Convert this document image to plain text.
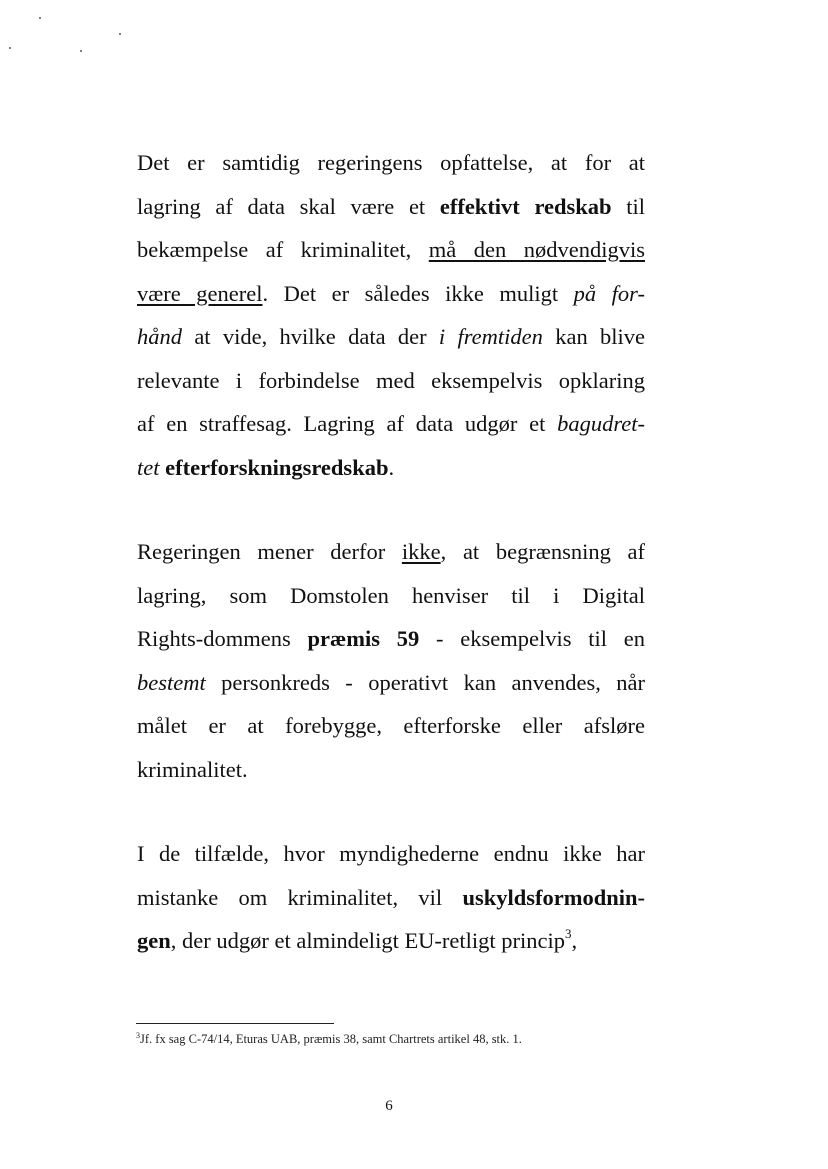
Det er samtidig regeringens opfattelse, at for at
lagring af data skal være et effektivt redskab til
bekæmpelse af kriminalitet, må den nødvendigvis
være generel. Det er således ikke muligt på for-
hånd at vide, hvilke data der i fremtiden kan blive
relevante i forbindelse med eksempelvis opklaring
af en straffesag. Lagring af data udgør et bagudret-
tet efterforskningsredskab.
Regeringen mener derfor ikke, at begrænsning af
lagring, som Domstolen henviser til i Digital
Rights-dommens præmis 59 - eksempelvis til en
bestemt personkreds - operativt kan anvendes, når
målet er at forebygge, efterforske eller afsløre
kriminalitet.
I de tilfælde, hvor myndighederne endnu ikke har
mistanke om kriminalitet, vil uskyldsformodnin-
gen, der udgør et almindeligt EU-retligt princip$^3$,
$^3$Jf. fx sag C-74/14, Eturas UAB, præmis 38, samt Chartrets artikel 48, stk. 1.
6
